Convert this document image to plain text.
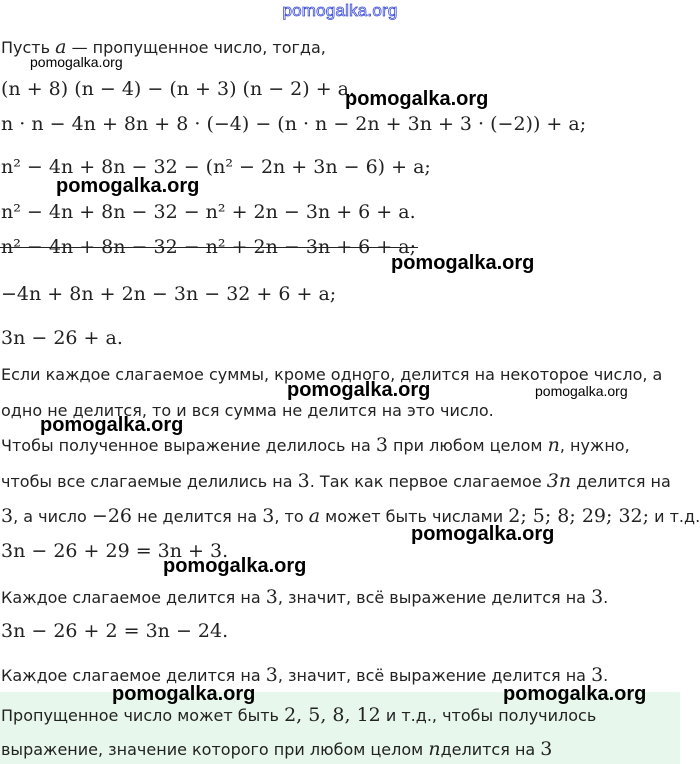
pomogalka.org
Пусть a — пропущенное число, тогда,
(n + 8) (n − 4) − (n + 3) (n − 2) + a.
n · n − 4n + 8n + 8 · (−4) − (n · n − 2n + 3n + 3 · (−2)) + a;
n² − 4n + 8n − 32 − (n² − 2n + 3n − 6) + a;
n² − 4n + 8n − 32 − n² + 2n − 3n + 6 + a.
n² − 4n + 8n − 32 − n² + 2n − 3n + 6 + a;
−4n + 8n + 2n − 3n − 32 + 6 + a;
3n − 26 + a.
Если каждое слагаемое суммы, кроме одного, делится на некоторое число, а
одно не делится, то и вся сумма не делится на это число.
Чтобы полученное выражение делилось на 3 при любом целом n, нужно,
чтобы все слагаемые делились на 3. Так как первое слагаемое 3n делится на
3, а число −26 не делится на 3, то a может быть числами 2; 5; 8; 29; 32; и т.д.
3n − 26 + 29 = 3n + 3.
Каждое слагаемое делится на 3, значит, всё выражение делится на 3.
3n − 26 + 2 = 3n − 24.
Каждое слагаемое делится на 3, значит, всё выражение делится на 3.
Пропущенное число может быть 2, 5, 8, 12 и т.д., чтобы получилось
выражение, значение которого при любом целом nделится на 3
pomogalka.org
pomogalka.org
pomogalka.org
pomogalka.org
pomogalka.org	pomogalka.org
pomogalka.org
pomogalka.org
pomogalka.org
pomogalka.org	pomogalka.org
